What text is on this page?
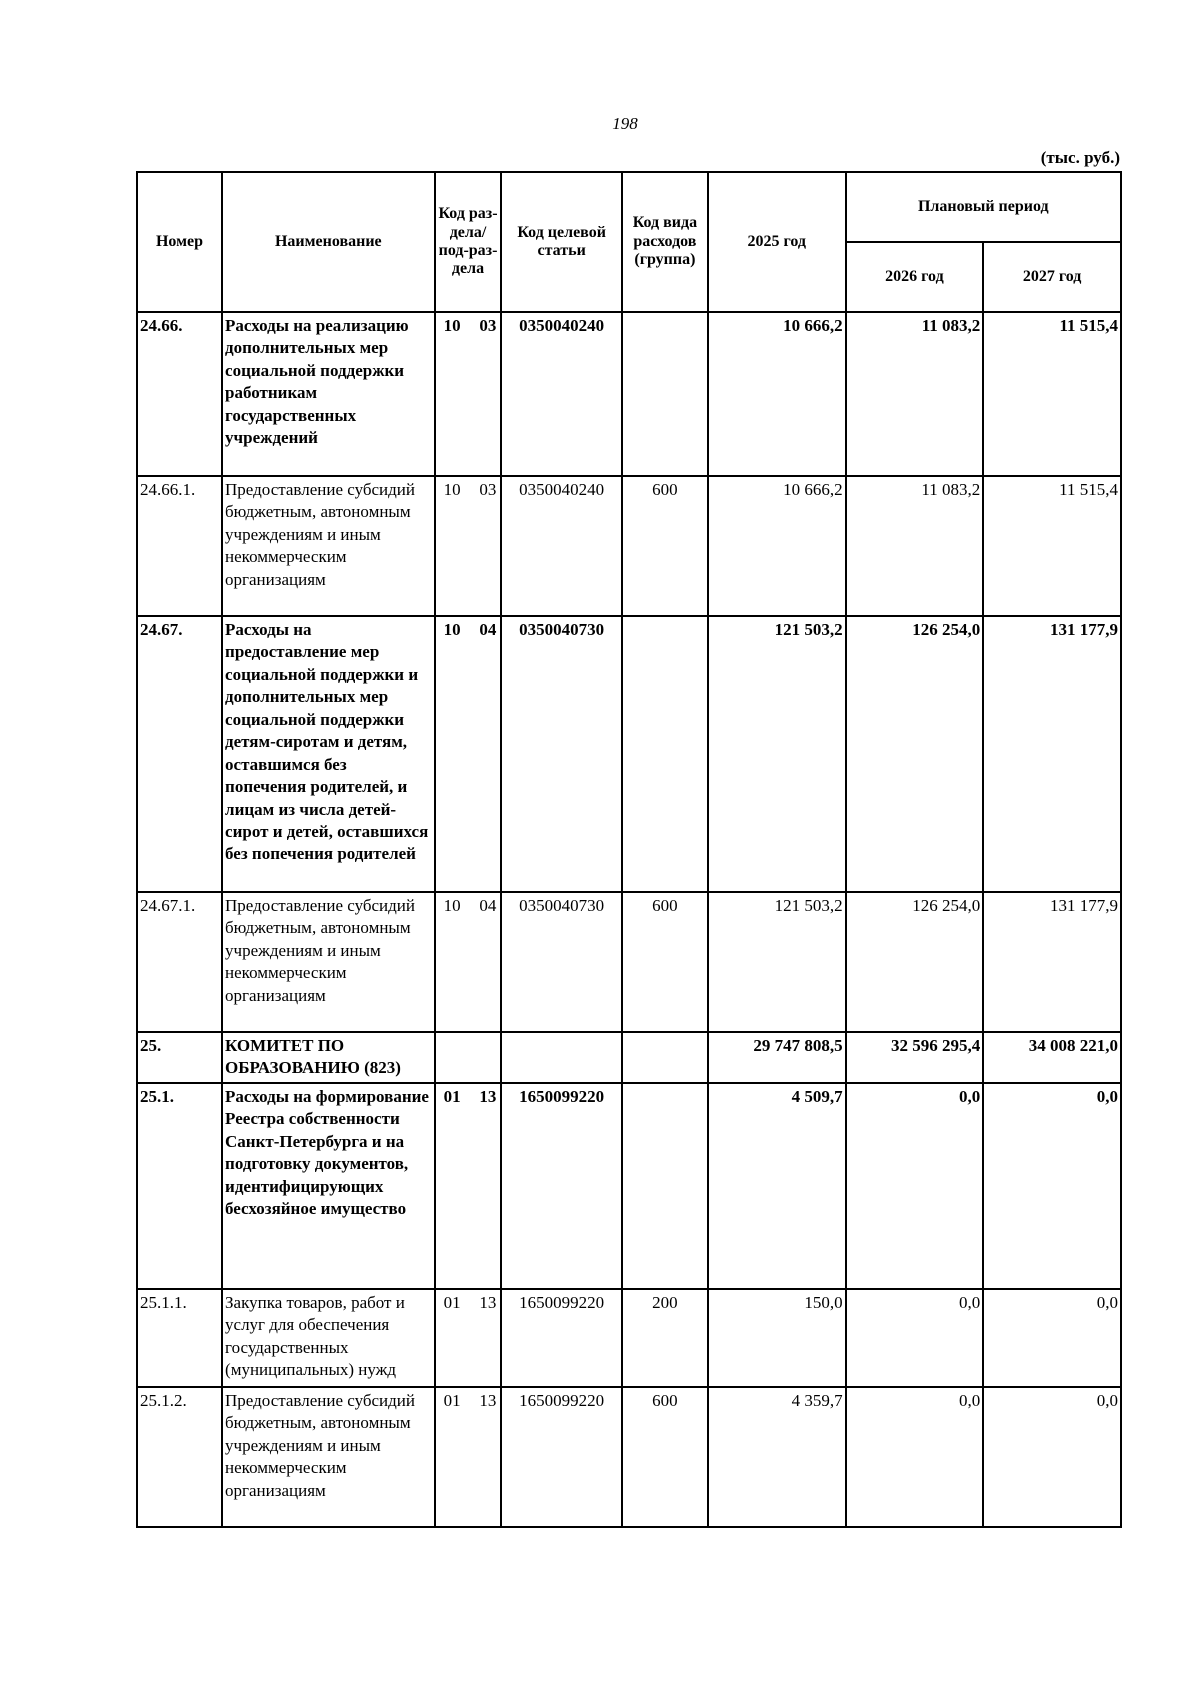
198
(тыс. руб.)
Номер	Наименование	Код раз-дела/ под-раз-дела	Код целевой статьи	Код вида расходов (группа)	2025 год	Плановый период	
						2026 год	2027 год
24.66.	Расходы на реализацию дополнительных мер социальной поддержки работникам государственных учреждений	10 03	0350040240		10 666,2	11 083,2	11 515,4
24.66.1.	Предоставление субсидий бюджетным, автономным учреждениям и иным некоммерческим организациям	10 03	0350040240	600	10 666,2	11 083,2	11 515,4
24.67.	Расходы на предоставление мер социальной поддержки и дополнительных мер социальной поддержки детям-сиротам и детям, оставшимся без попечения родителей, и лицам из числа детей-сирот и детей, оставшихся без попечения родителей	10 04	0350040730		121 503,2	126 254,0	131 177,9
24.67.1.	Предоставление субсидий бюджетным, автономным учреждениям и иным некоммерческим организациям	10 04	0350040730	600	121 503,2	126 254,0	131 177,9
25.	КОМИТЕТ ПО ОБРАЗОВАНИЮ (823)				29 747 808,5	32 596 295,4	34 008 221,0
25.1.	Расходы на формирование Реестра собственности Санкт-Петербурга и на подготовку документов, идентифицирующих бесхозяйное имущество	01 13	1650099220		4 509,7	0,0	0,0
25.1.1.	Закупка товаров, работ и услуг для обеспечения государственных (муниципальных) нужд	01 13	1650099220	200	150,0	0,0	0,0
25.1.2.	Предоставление субсидий бюджетным, автономным учреждениям и иным некоммерческим организациям	01 13	1650099220	600	4 359,7	0,0	0,0
